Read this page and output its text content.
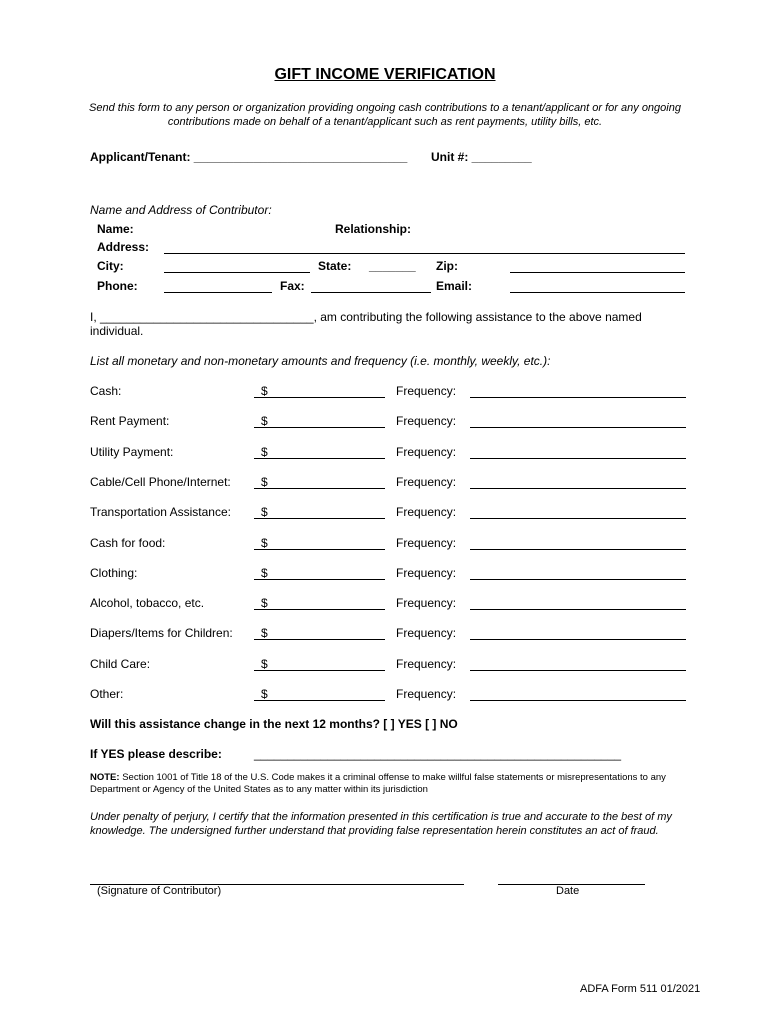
GIFT INCOME VERIFICATION
Send this form to any person or organization providing ongoing cash contributions to a tenant/applicant or for any ongoing contributions made on behalf of a tenant/applicant such as rent payments, utility bills, etc.
Applicant/Tenant: ________________________________ Unit #: _________
Name and Address of Contributor:
Name:	Relationship:
Address:
City:	State: _______ Zip:
Phone:	Fax:	Email:
I, ________________________________, am contributing the following assistance to the above named
individual.
List all monetary and non-monetary amounts and frequency (i.e. monthly, weekly, etc.):
Cash:	$	Frequency:
Rent Payment:	$	Frequency:
Utility Payment:	$	Frequency:
Cable/Cell Phone/Internet:	$	Frequency:
Transportation Assistance:	$	Frequency:
Cash for food:	$	Frequency:
Clothing:	$	Frequency:
Alcohol, tobacco, etc.	$	Frequency:
Diapers/Items for Children: $	Frequency:
Child Care:	$	Frequency:
Other:	$	Frequency:
Will this assistance change in the next 12 months? [ ] YES [ ] NO
If YES please describe:	_______________________________________________________
NOTE: Section 1001 of Title 18 of the U.S. Code makes it a criminal offense to make willful false statements or misrepresentations to any Department or Agency of the United States as to any matter within its jurisdiction
Under penalty of perjury, I certify that the information presented in this certification is true and accurate to the best of my knowledge. The undersigned further understand that providing false representation herein constitutes an act of fraud.
(Signature of Contributor)	Date
ADFA Form 511 01/2021
